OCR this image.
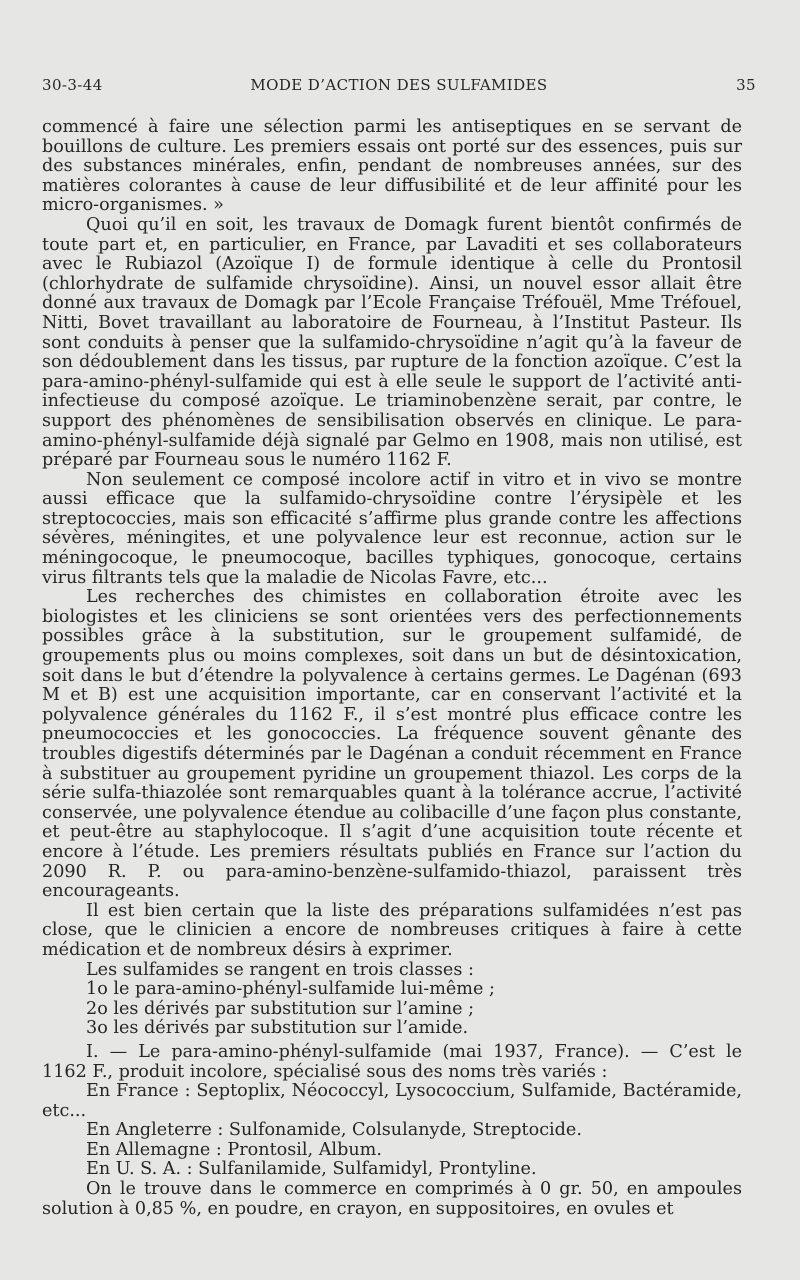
30-3-44	MODE D’ACTION DES SULFAMIDES	35

commencé à faire une sélection parmi les antiseptiques en se servant de bouillons de culture. Les premiers essais ont porté sur des essences, puis sur des substances minérales, enfin, pendant de nombreuses années, sur des matières colorantes à cause de leur diffusibilité et de leur affinité pour les micro-organismes. »

Quoi qu’il en soit, les travaux de Domagk furent bientôt confirmés de toute part et, en particulier, en France, par Lavaditi et ses collaborateurs avec le Rubiazol (Azoïque I) de formule identique à celle du Prontosil (chlorhydrate de sulfamide chrysoïdine). Ainsi, un nouvel essor allait être donné aux travaux de Domagk par l’Ecole Française Tréfouël, Mme Tréfouel, Nitti, Bovet travaillant au laboratoire de Fourneau, à l’Institut Pasteur. Ils sont conduits à penser que la sulfamido-chrysoïdine n’agit qu’à la faveur de son dédoublement dans les tissus, par rupture de la fonction azoïque. C’est la para-amino-phényl-sulfamide qui est à elle seule le support de l’activité anti-infectieuse du composé azoïque. Le triaminobenzène serait, par contre, le support des phénomènes de sensibilisation observés en clinique. Le para-amino-phényl-sulfamide déjà signalé par Gelmo en 1908, mais non utilisé, est préparé par Fourneau sous le numéro 1162 F.

Non seulement ce composé incolore actif in vitro et in vivo se montre aussi efficace que la sulfamido-chrysoïdine contre l’érysipèle et les streptococcies, mais son efficacité s’affirme plus grande contre les affections sévères, méningites, et une polyvalence leur est reconnue, action sur le méningocoque, le pneumocoque, bacilles typhiques, gonocoque, certains virus filtrants tels que la maladie de Nicolas Favre, etc...

Les recherches des chimistes en collaboration étroite avec les biologistes et les cliniciens se sont orientées vers des perfectionnements possibles grâce à la substitution, sur le groupement sulfamidé, de groupements plus ou moins complexes, soit dans un but de désintoxication, soit dans le but d’étendre la polyvalence à certains germes. Le Dagénan (693 M et B) est une acquisition importante, car en conservant l’activité et la polyvalence générales du 1162 F., il s’est montré plus efficace contre les pneumococcies et les gonococcies. La fréquence souvent gênante des troubles digestifs déterminés par le Dagénan a conduit récemment en France à substituer au groupement pyridine un groupement thiazol. Les corps de la série sulfa-thiazolée sont remarquables quant à la tolérance accrue, l’activité conservée, une polyvalence étendue au colibacille d’une façon plus constante, et peut-être au staphylocoque. Il s’agit d’une acquisition toute récente et encore à l’étude. Les premiers résultats publiés en France sur l’action du 2090 R. P. ou para-amino-benzène-sulfamido-thiazol, paraissent très encourageants.

Il est bien certain que la liste des préparations sulfamidées n’est pas close, que le clinicien a encore de nombreuses critiques à faire à cette médication et de nombreux désirs à exprimer.

Les sulfamides se rangent en trois classes :

1o le para-amino-phényl-sulfamide lui-même ;

2o les dérivés par substitution sur l’amine ;

3o les dérivés par substitution sur l’amide.

I. — Le para-amino-phényl-sulfamide (mai 1937, France). — C’est le 1162 F., produit incolore, spécialisé sous des noms très variés :

En France : Septoplix, Néococcyl, Lysococcium, Sulfamide, Bactéramide, etc...

En Angleterre : Sulfonamide, Colsulanyde, Streptocide.

En Allemagne : Prontosil, Album.

En U. S. A. : Sulfanilamide, Sulfamidyl, Prontyline.

On le trouve dans le commerce en comprimés à 0 gr. 50, en ampoules solution à 0,85 %, en poudre, en crayon, en suppositoires, en ovules et
